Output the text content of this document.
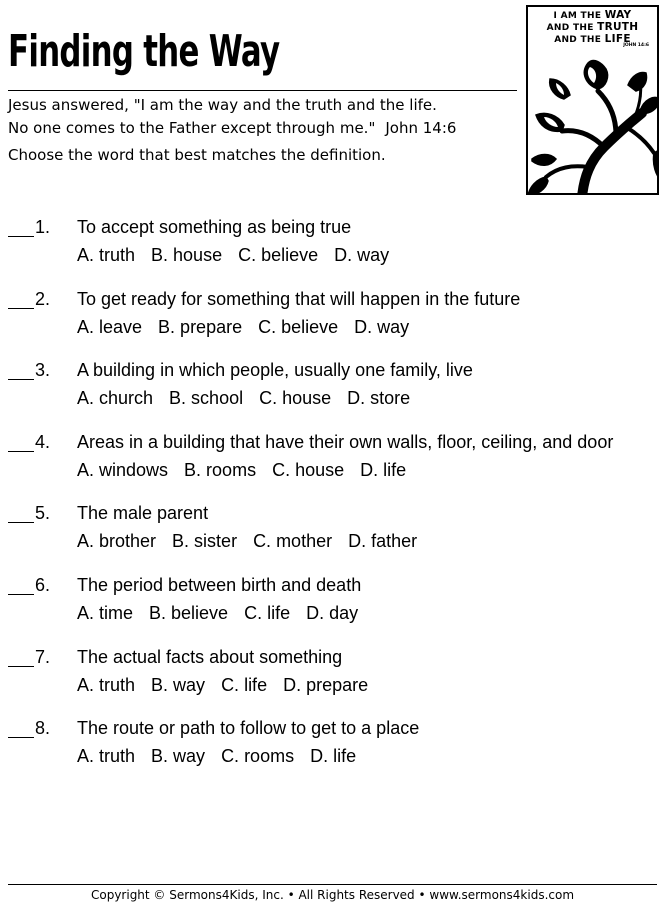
Finding the Way
Jesus answered, "I am the way and the truth and the life.
No one comes to the Father except through me." John 14:6
Choose the word that best matches the definition.
I AM THE WAY
AND THE TRUTH
AND THE LIFE
JOHN 14:6
1. To accept something as being true
A. truth B. house C. believe D. way
2. To get ready for something that will happen in the future
A. leave B. prepare C. believe D. way
3. A building in which people, usually one family, live
A. church B. school C. house D. store
4. Areas in a building that have their own walls, floor, ceiling, and door
A. windows B. rooms C. house D. life
5. The male parent
A. brother B. sister C. mother D. father
6. The period between birth and death
A. time B. believe C. life D. day
7. The actual facts about something
A. truth B. way C. life D. prepare
8. The route or path to follow to get to a place
A. truth B. way C. rooms D. life
Copyright © Sermons4Kids, Inc. • All Rights Reserved • www.sermons4kids.com
